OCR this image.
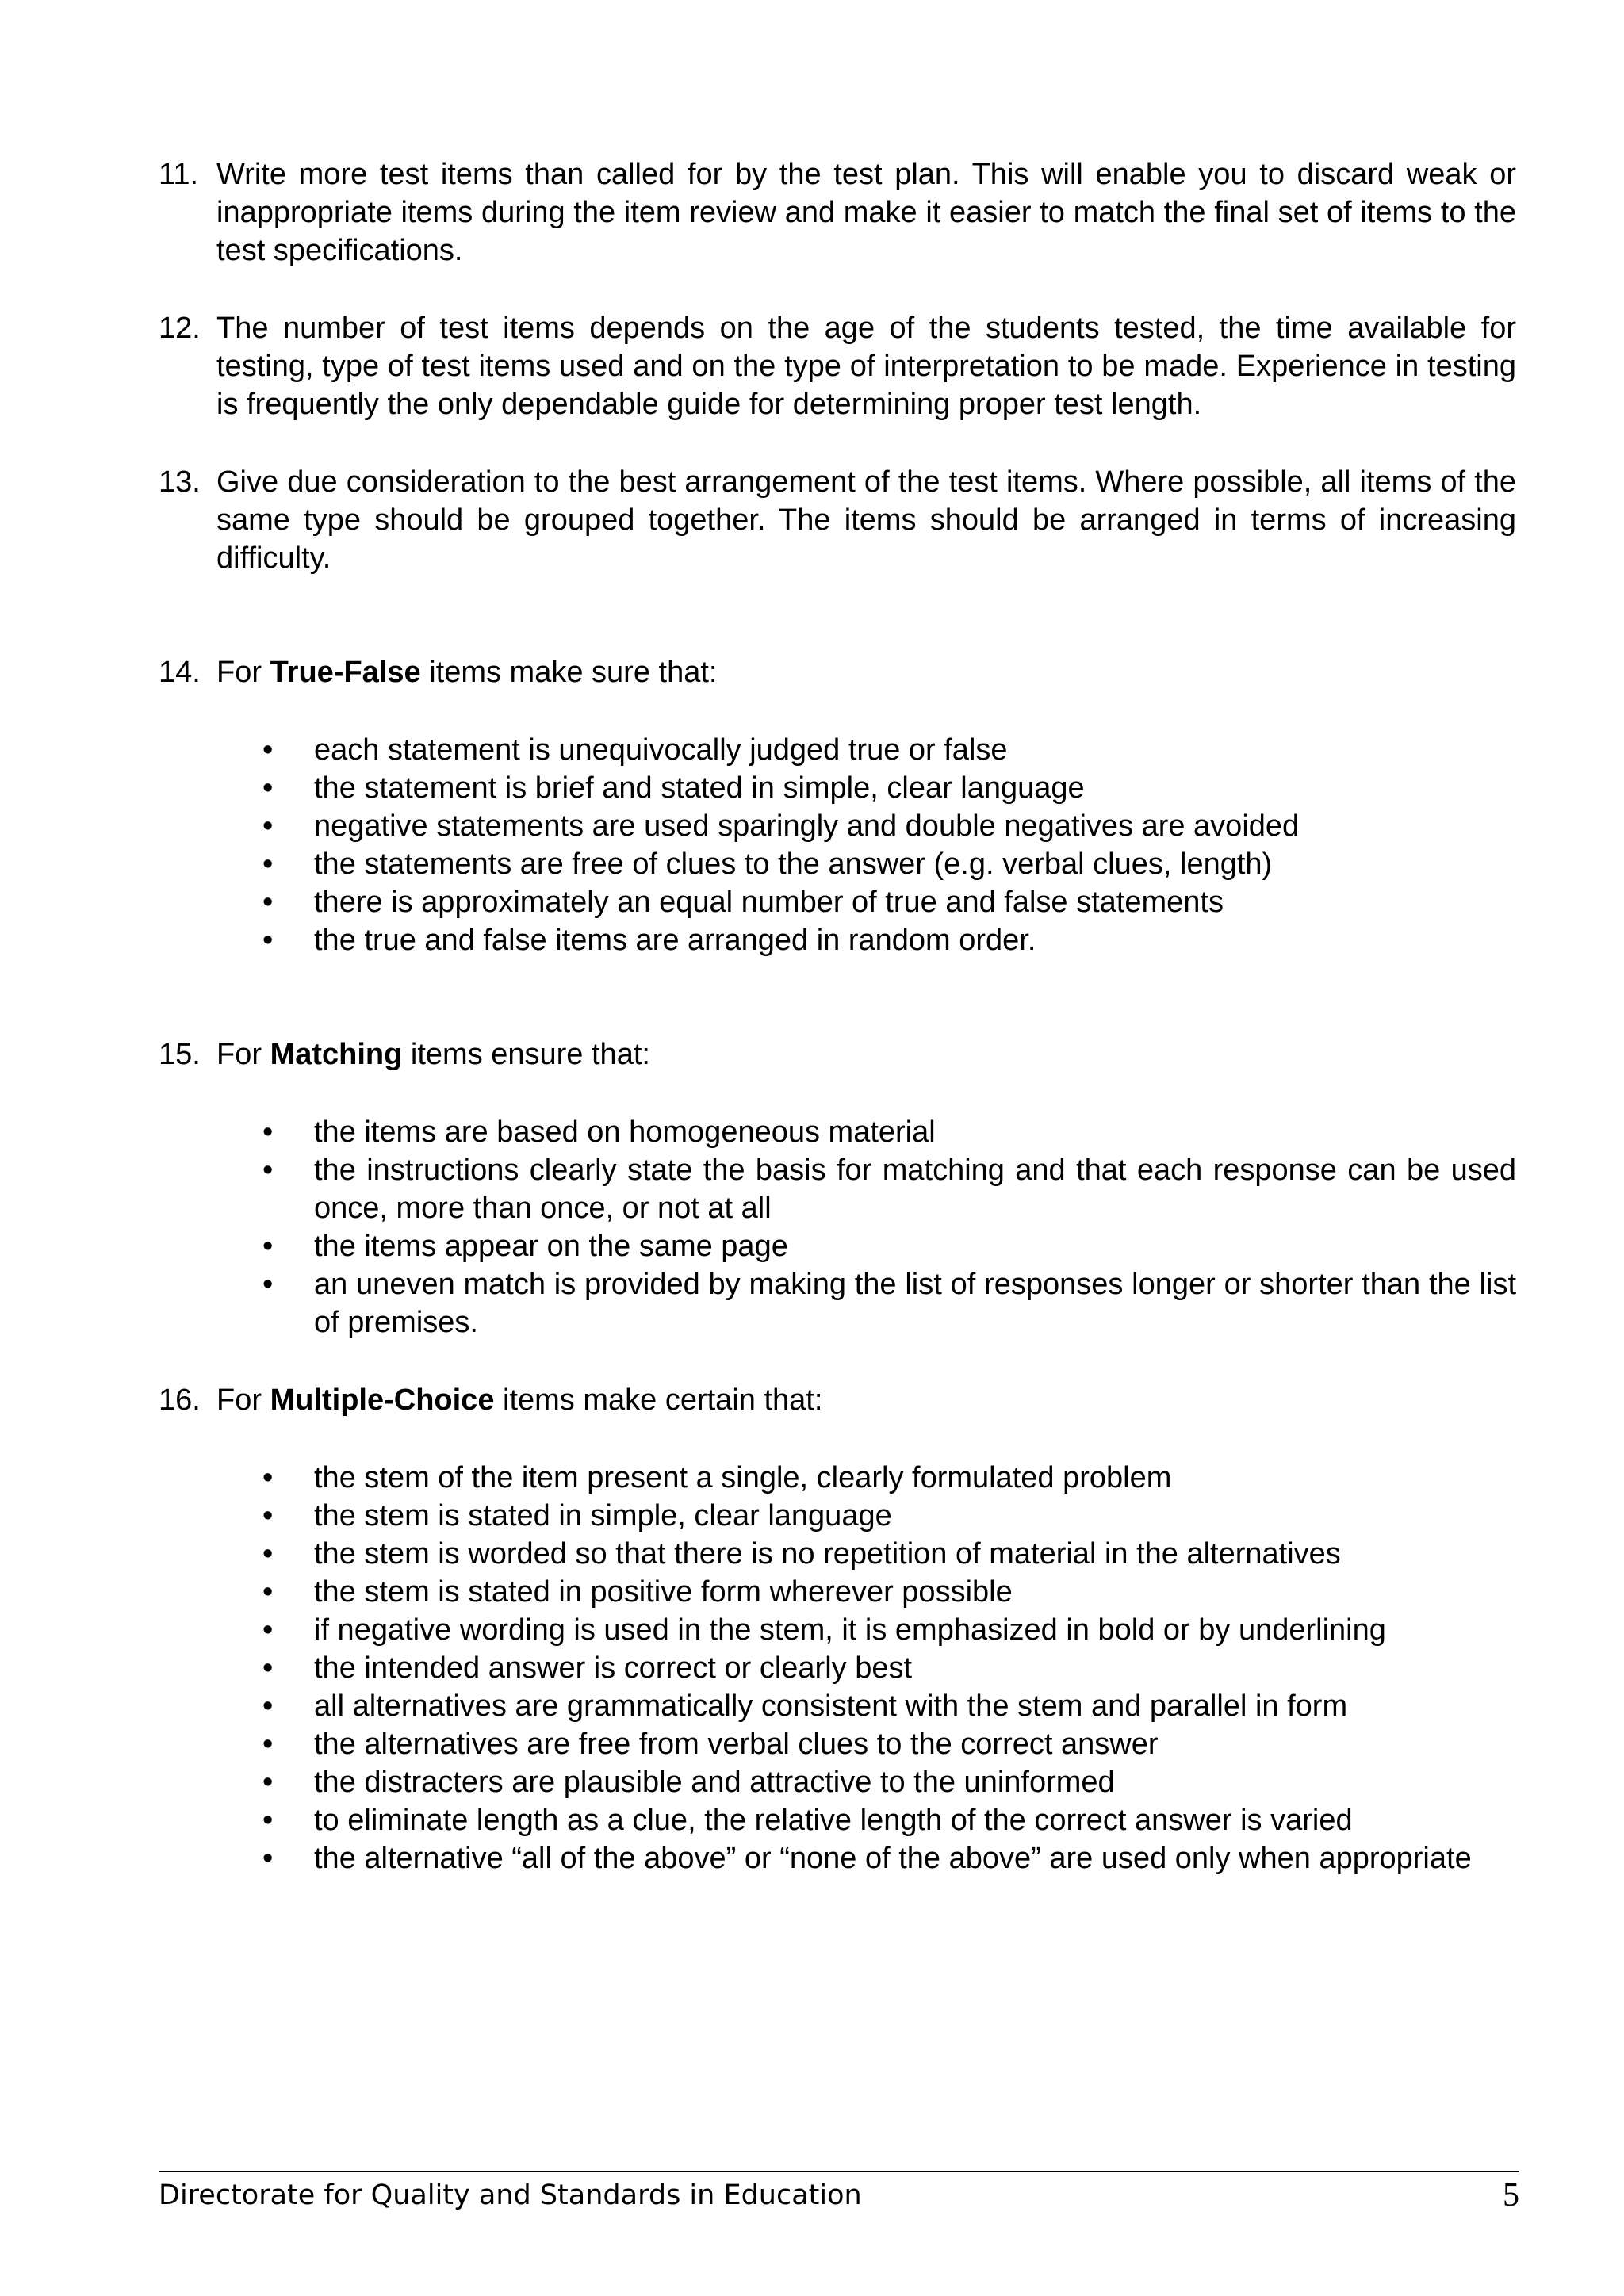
11. Write more test items than called for by the test plan. This will enable you to discard weak or inappropriate items during the item review and make it easier to match the final set of items to the test specifications.
12. The number of test items depends on the age of the students tested, the time available for testing, type of test items used and on the type of interpretation to be made. Experience in testing is frequently the only dependable guide for determining proper test length.
13. Give due consideration to the best arrangement of the test items. Where possible, all items of the same type should be grouped together. The items should be arranged in terms of increasing difficulty.
14. For True-False items make sure that:
• each statement is unequivocally judged true or false
• the statement is brief and stated in simple, clear language
• negative statements are used sparingly and double negatives are avoided
• the statements are free of clues to the answer (e.g. verbal clues, length)
• there is approximately an equal number of true and false statements
• the true and false items are arranged in random order.
15. For Matching items ensure that:
• the items are based on homogeneous material
• the instructions clearly state the basis for matching and that each response can be used once, more than once, or not at all
• the items appear on the same page
• an uneven match is provided by making the list of responses longer or shorter than the list of premises.
16. For Multiple-Choice items make certain that:
• the stem of the item present a single, clearly formulated problem
• the stem is stated in simple, clear language
• the stem is worded so that there is no repetition of material in the alternatives
• the stem is stated in positive form wherever possible
• if negative wording is used in the stem, it is emphasized in bold or by underlining
• the intended answer is correct or clearly best
• all alternatives are grammatically consistent with the stem and parallel in form
• the alternatives are free from verbal clues to the correct answer
• the distracters are plausible and attractive to the uninformed
• to eliminate length as a clue, the relative length of the correct answer is varied
• the alternative “all of the above” or “none of the above” are used only when appropriate
Directorate for Quality and Standards in Education	5
